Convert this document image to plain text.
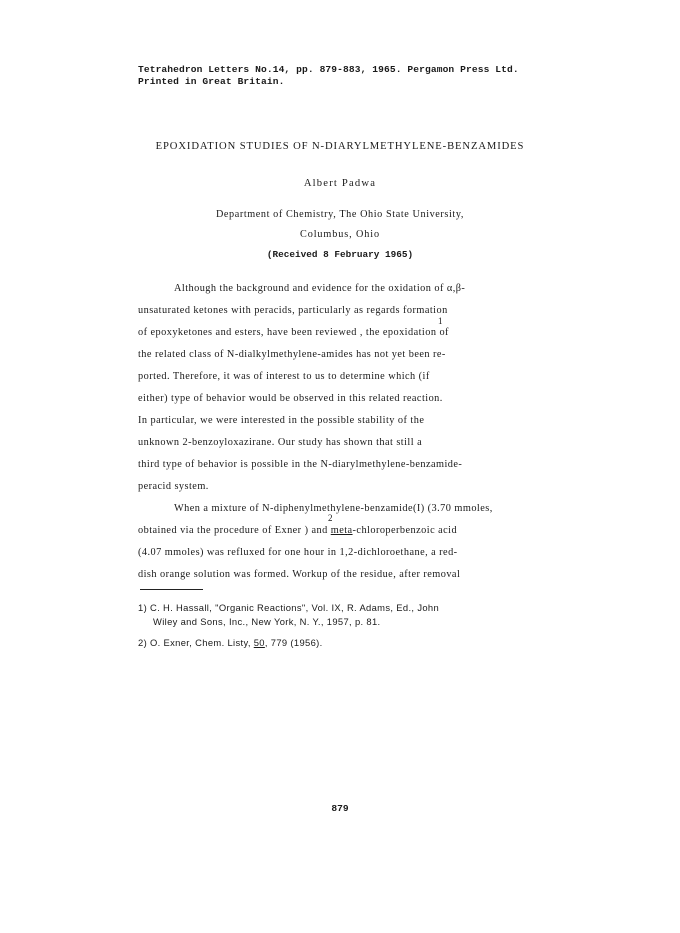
Tetrahedron Letters No.14, pp. 879-883, 1965. Pergamon Press Ltd.
Printed in Great Britain.
EPOXIDATION STUDIES OF N-DIARYLMETHYLENE-BENZAMIDES
Albert Padwa
Department of Chemistry, The Ohio State University,
Columbus, Ohio
(Received 8 February 1965)
Although the background and evidence for the oxidation of α,β-
unsaturated ketones with peracids, particularly as regards formation
1
of epoxyketones and esters, have been reviewed , the epoxidation of
the related class of N-dialkylmethylene-amides has not yet been re-
ported. Therefore, it was of interest to us to determine which (if
either) type of behavior would be observed in this related reaction.
In particular, we were interested in the possible stability of the
unknown 2-benzoyloxazirane. Our study has shown that still a
third type of behavior is possible in the N-diarylmethylene-benzamide-
peracid system.
When a mixture of N-diphenylmethylene-benzamide(I) (3.70 mmoles,
2
obtained via the procedure of Exner ) and meta-chloroperbenzoic acid
(4.07 mmoles) was refluxed for one hour in 1,2-dichloroethane, a red-
dish orange solution was formed. Workup of the residue, after removal
1) C. H. Hassall, "Organic Reactions", Vol. IX, R. Adams, Ed., John
Wiley and Sons, Inc., New York, N. Y., 1957, p. 81.
2) O. Exner, Chem. Listy, 50, 779 (1956).
879
